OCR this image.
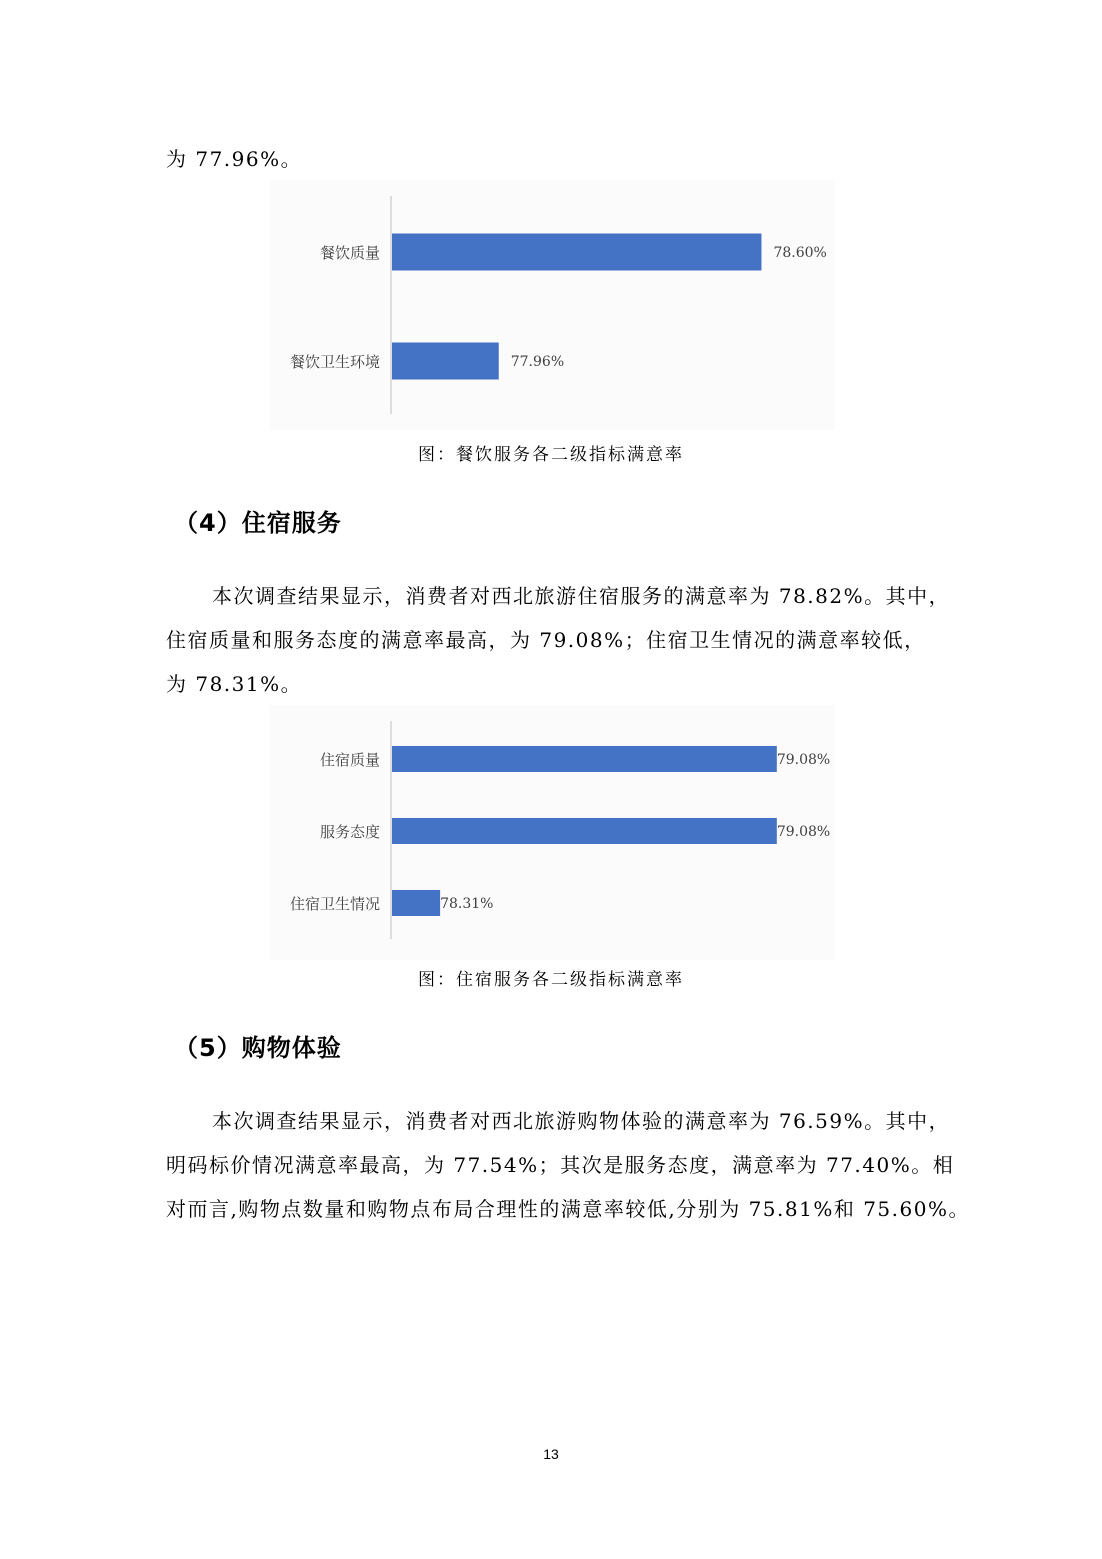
为 77.96%。
餐饮质量	78.60%
餐饮卫生环境	77.96%
图：餐饮服务各二级指标满意率
（4）住宿服务
本次调查结果显示，消费者对西北旅游住宿服务的满意率为 78.82%。其中，
住宿质量和服务态度的满意率最高，为 79.08%；住宿卫生情况的满意率较低，
为 78.31%。
住宿质量	79.08%
服务态度	79.08%
住宿卫生情况	78.31%
图：住宿服务各二级指标满意率
（5）购物体验
本次调查结果显示，消费者对西北旅游购物体验的满意率为 76.59%。其中，
明码标价情况满意率最高，为 77.54%；其次是服务态度，满意率为 77.40%。相
对而言,购物点数量和购物点布局合理性的满意率较低,分别为 75.81%和 75.60%。
13
